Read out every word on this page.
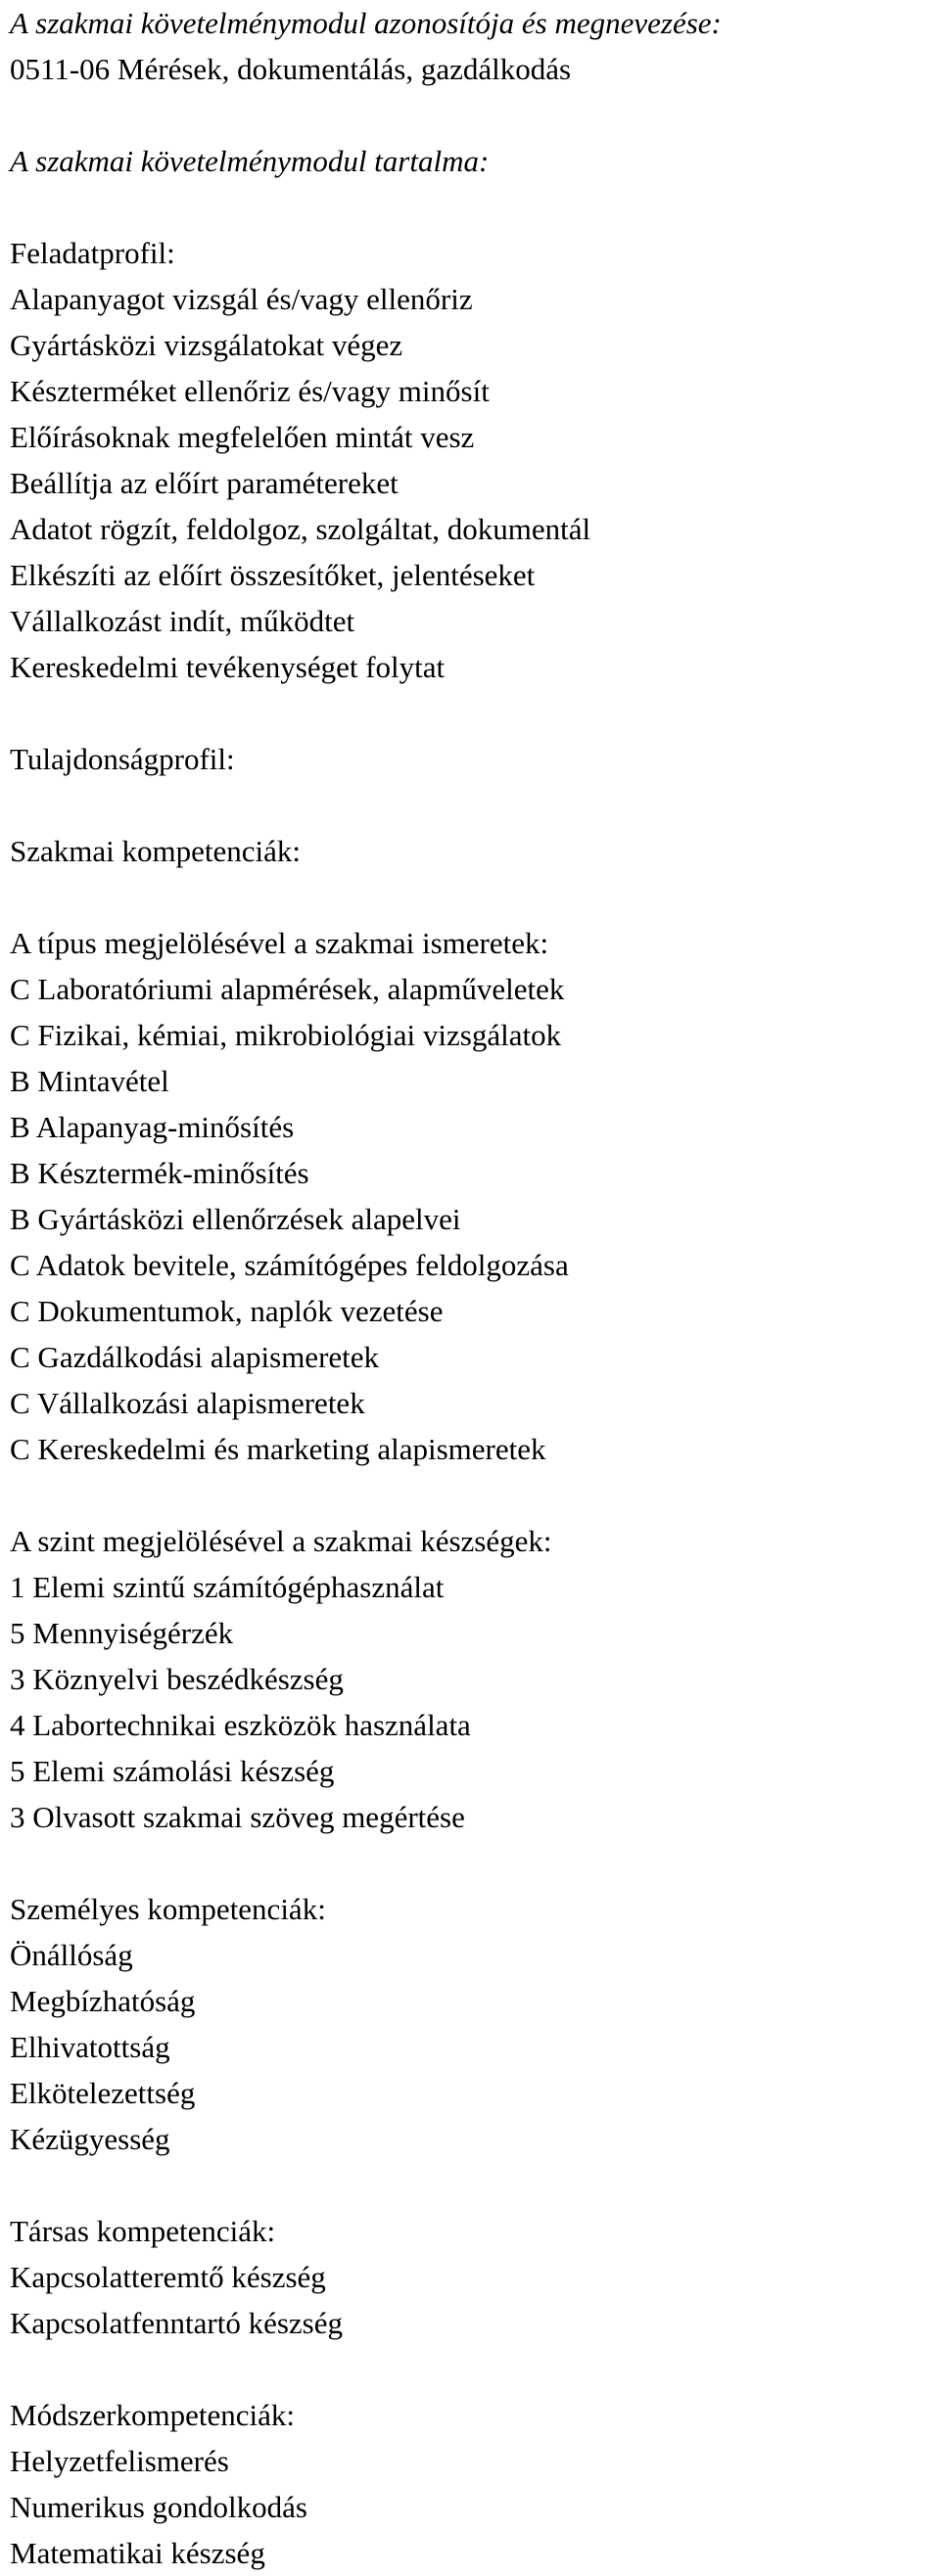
A szakmai követelménymodul azonosítója és megnevezése:
0511-06 Mérések, dokumentálás, gazdálkodás
A szakmai követelménymodul tartalma:
Feladatprofil:
Alapanyagot vizsgál és/vagy ellenőriz
Gyártásközi vizsgálatokat végez
Készterméket ellenőriz és/vagy minősít
Előírásoknak megfelelően mintát vesz
Beállítja az előírt paramétereket
Adatot rögzít, feldolgoz, szolgáltat, dokumentál
Elkészíti az előírt összesítőket, jelentéseket
Vállalkozást indít, működtet
Kereskedelmi tevékenységet folytat
Tulajdonságprofil:
Szakmai kompetenciák:
A típus megjelölésével a szakmai ismeretek:
C Laboratóriumi alapmérések, alapműveletek
C Fizikai, kémiai, mikrobiológiai vizsgálatok
B Mintavétel
B Alapanyag-minősítés
B Késztermék-minősítés
B Gyártásközi ellenőrzések alapelvei
C Adatok bevitele, számítógépes feldolgozása
C Dokumentumok, naplók vezetése
C Gazdálkodási alapismeretek
C Vállalkozási alapismeretek
C Kereskedelmi és marketing alapismeretek
A szint megjelölésével a szakmai készségek:
1 Elemi szintű számítógéphasználat
5 Mennyiségérzék
3 Köznyelvi beszédkészség
4 Labortechnikai eszközök használata
5 Elemi számolási készség
3 Olvasott szakmai szöveg megértése
Személyes kompetenciák:
Önállóság
Megbízhatóság
Elhivatottság
Elkötelezettség
Kézügyesség
Társas kompetenciák:
Kapcsolatteremtő készség
Kapcsolatfenntartó készség
Módszerkompetenciák:
Helyzetfelismerés
Numerikus gondolkodás
Matematikai készség
